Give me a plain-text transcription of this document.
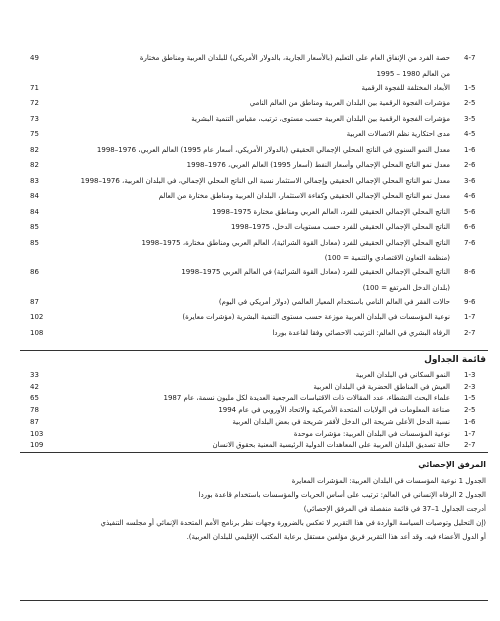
49	حصة الفرد من الإنفاق العام على التعليم (بالأسعار الجارية، بالدولار الأمريكي) للبلدان العربية ومناطق مختارة 4-7
من العالم 1980 – 1995
71	الأبعاد المختلفة للفجوة الرقمية 1-5
72	مؤشرات الفجوة الرقمية بين البلدان العربية ومناطق من العالم النامي 2-5
73	مؤشرات الفجوة الرقمية بين البلدان العربية حسب مستوى، ترتيب، مقياس التنمية البشرية 3-5
75	مدى احتكارية نظم الاتصالات العربية 4-5
82	معدل النمو السنوي في الناتج المحلي الإجمالي الحقيقي (بالدولار الأمريكي، أسعار عام 1995) العالم العربي، 1976–1998 1-6
82	معدل نمو الناتج المحلي الإجمالي وأسعار النفط (أسعار 1995) العالم العربي، 1976–1998 2-6
83	معدل نمو الناتج المحلي الإجمالي الحقيقي وإجمالي الاستثمار نسبة الى الناتج المحلي الإجمالي، في البلدان العربية، 1976–1998 3-6
84	معدل نمو الناتج المحلي الإجمالي الحقيقي وكفاءة الاستثمار، البلدان العربية ومناطق مختارة من العالم 4-6
84	الناتج المحلي الإجمالي الحقيقي للفرد، العالم العربي ومناطق مختارة 1975–1998 5-6
85	الناتج المحلي الإجمالي الحقيقي للفرد حسب مستويات الدخل، 1975–1998 6-6
85	الناتج المحلي الإجمالي الحقيقي للفرد (معادل القوة الشرائية)، العالم العربي ومناطق مختارة، 1975–1998 7-6
(منظمة التعاون الاقتصادي والتنمية = 100)
86	الناتج المحلي الإجمالي الحقيقي للفرد (معادل القوة الشرائية) في العالم العربي 1975–1998 8-6
(بلدان الدخل المرتفع = 100)
87	حالات الفقر في العالم النامي باستخدام المعيار العالمي (دولار أمريكي في اليوم) 9-6
102	نوعية المؤسسات في البلدان العربية موزعة حسب مستوى التنمية البشرية (مؤشرات معايرة) 1-7
108	الرفاه البشري في العالم: الترتيب الاحصائي وفقا لقاعدة بوردا 2-7
قائمة الجداول
33	النمو السكاني في البلدان العربية 1-3
42	العيش في المناطق الحضرية في البلدان العربية 2-3
65	علماء البحث النشطاء، عدد المقالات ذات الاقتباسات المرجعية العديدة لكل مليون نسمة، عام 1987 1-5
78	صناعة المعلومات في الولايات المتحدة الأمريكية والاتحاد الأوروبي في عام 1994 2-5
87	نسبة الدخل الأعلى شريحة الى الدخل لأفقر شريحة في بعض البلدان العربية 1-6
103	نوعية المؤسسات في البلدان العربية: مؤشرات موحدة 1-7
109	حالة تصديق البلدان العربية على المعاهدات الدولية الرئيسية المعنية بحقوق الانسان 2-7
المرفق الإحصائي
الجدول 1 نوعية المؤسسات في البلدان العربية: المؤشرات المعايرة
الجدول 2 الرفاه الإنساني في العالم: ترتيب على أساس الحريات والمؤسسات باستخدام قاعدة بوردا
أدرجت الجداول 1–37 في قائمة منفصلة في المرفق الإحصائي)
(إن التحليل وتوصيات السياسة الواردة في هذا التقرير لا تعكس بالضرورة وجهات نظر برنامج الأمم المتحدة الإنمائي أو مجلسه التنفيذي
أو الدول الأعضاء فيه. وقد أعد هذا التقرير فريق مؤلفين مستقل برعاية المكتب الإقليمي للبلدان العربية).
